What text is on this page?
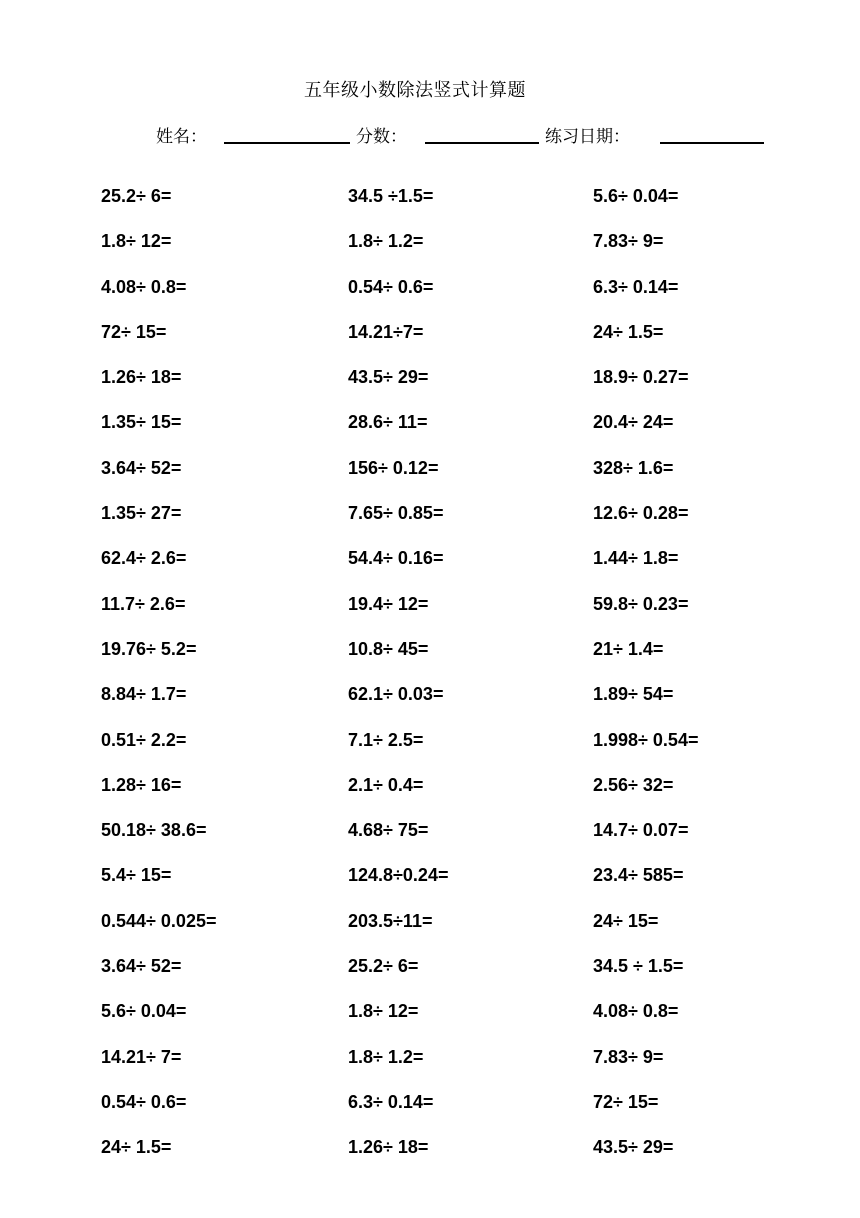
五年级小数除法竖式计算题
姓名：	分数：	练习日期：
25.2÷ 6=	34.5 ÷1.5=	5.6÷ 0.04=
1.8÷ 12=	1.8÷ 1.2=	7.83÷ 9=
4.08÷ 0.8=	0.54÷ 0.6=	6.3÷ 0.14=
72÷ 15=	14.21÷7=	24÷ 1.5=
1.26÷ 18=	43.5÷ 29=	18.9÷ 0.27=
1.35÷ 15=	28.6÷ 11=	20.4÷ 24=
3.64÷ 52=	156÷ 0.12=	328÷ 1.6=
1.35÷ 27=	7.65÷ 0.85=	12.6÷ 0.28=
62.4÷ 2.6=	54.4÷ 0.16=	1.44÷ 1.8=
11.7÷ 2.6=	19.4÷ 12=	59.8÷ 0.23=
19.76÷ 5.2=	10.8÷ 45=	21÷ 1.4=
8.84÷ 1.7=	62.1÷ 0.03=	1.89÷ 54=
0.51÷ 2.2=	7.1÷ 2.5=	1.998÷ 0.54=
1.28÷ 16=	2.1÷ 0.4=	2.56÷ 32=
50.18÷ 38.6=	4.68÷ 75=	14.7÷ 0.07=
5.4÷ 15=	124.8÷0.24=	23.4÷ 585=
0.544÷ 0.025=	203.5÷11=	24÷ 15=
3.64÷ 52=	25.2÷ 6=	34.5 ÷ 1.5=
5.6÷ 0.04=	1.8÷ 12=	4.08÷ 0.8=
14.21÷ 7=	1.8÷ 1.2=	7.83÷ 9=
0.54÷ 0.6=	6.3÷ 0.14=	72÷ 15=
24÷ 1.5=	1.26÷ 18=	43.5÷ 29=
